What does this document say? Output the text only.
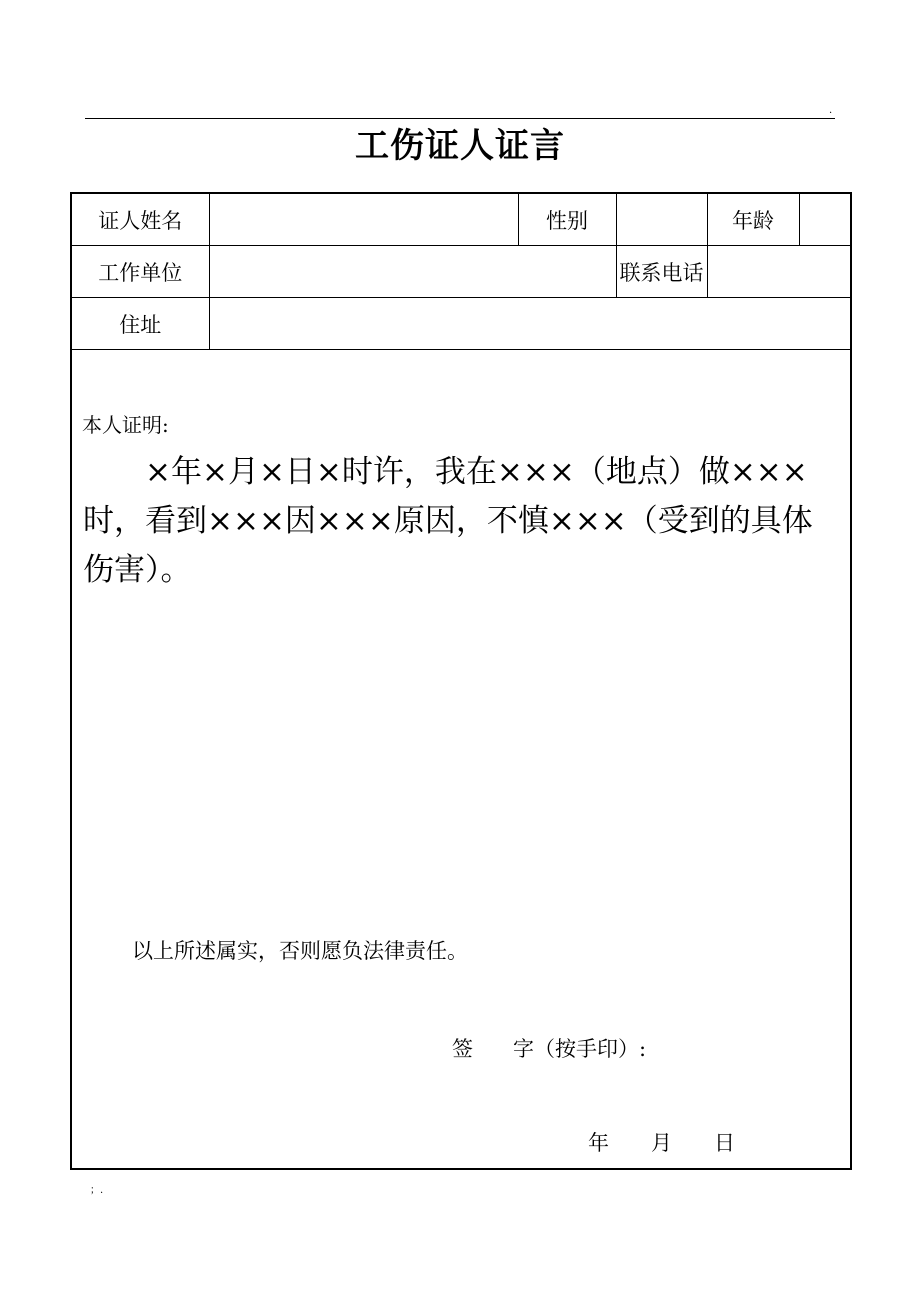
.
工伤证人证言
证人姓名		性别		年龄

工作单位			联系电话	
住址				

本人证明:
　　×年×月×日×时许，我在×××（地点）做×××时，看到×××因×××原因，不慎×××（受到的具体伤害）。
以上所述属实，否则愿负法律责任。
签 字（按手印）:
年 月 日				
；.
